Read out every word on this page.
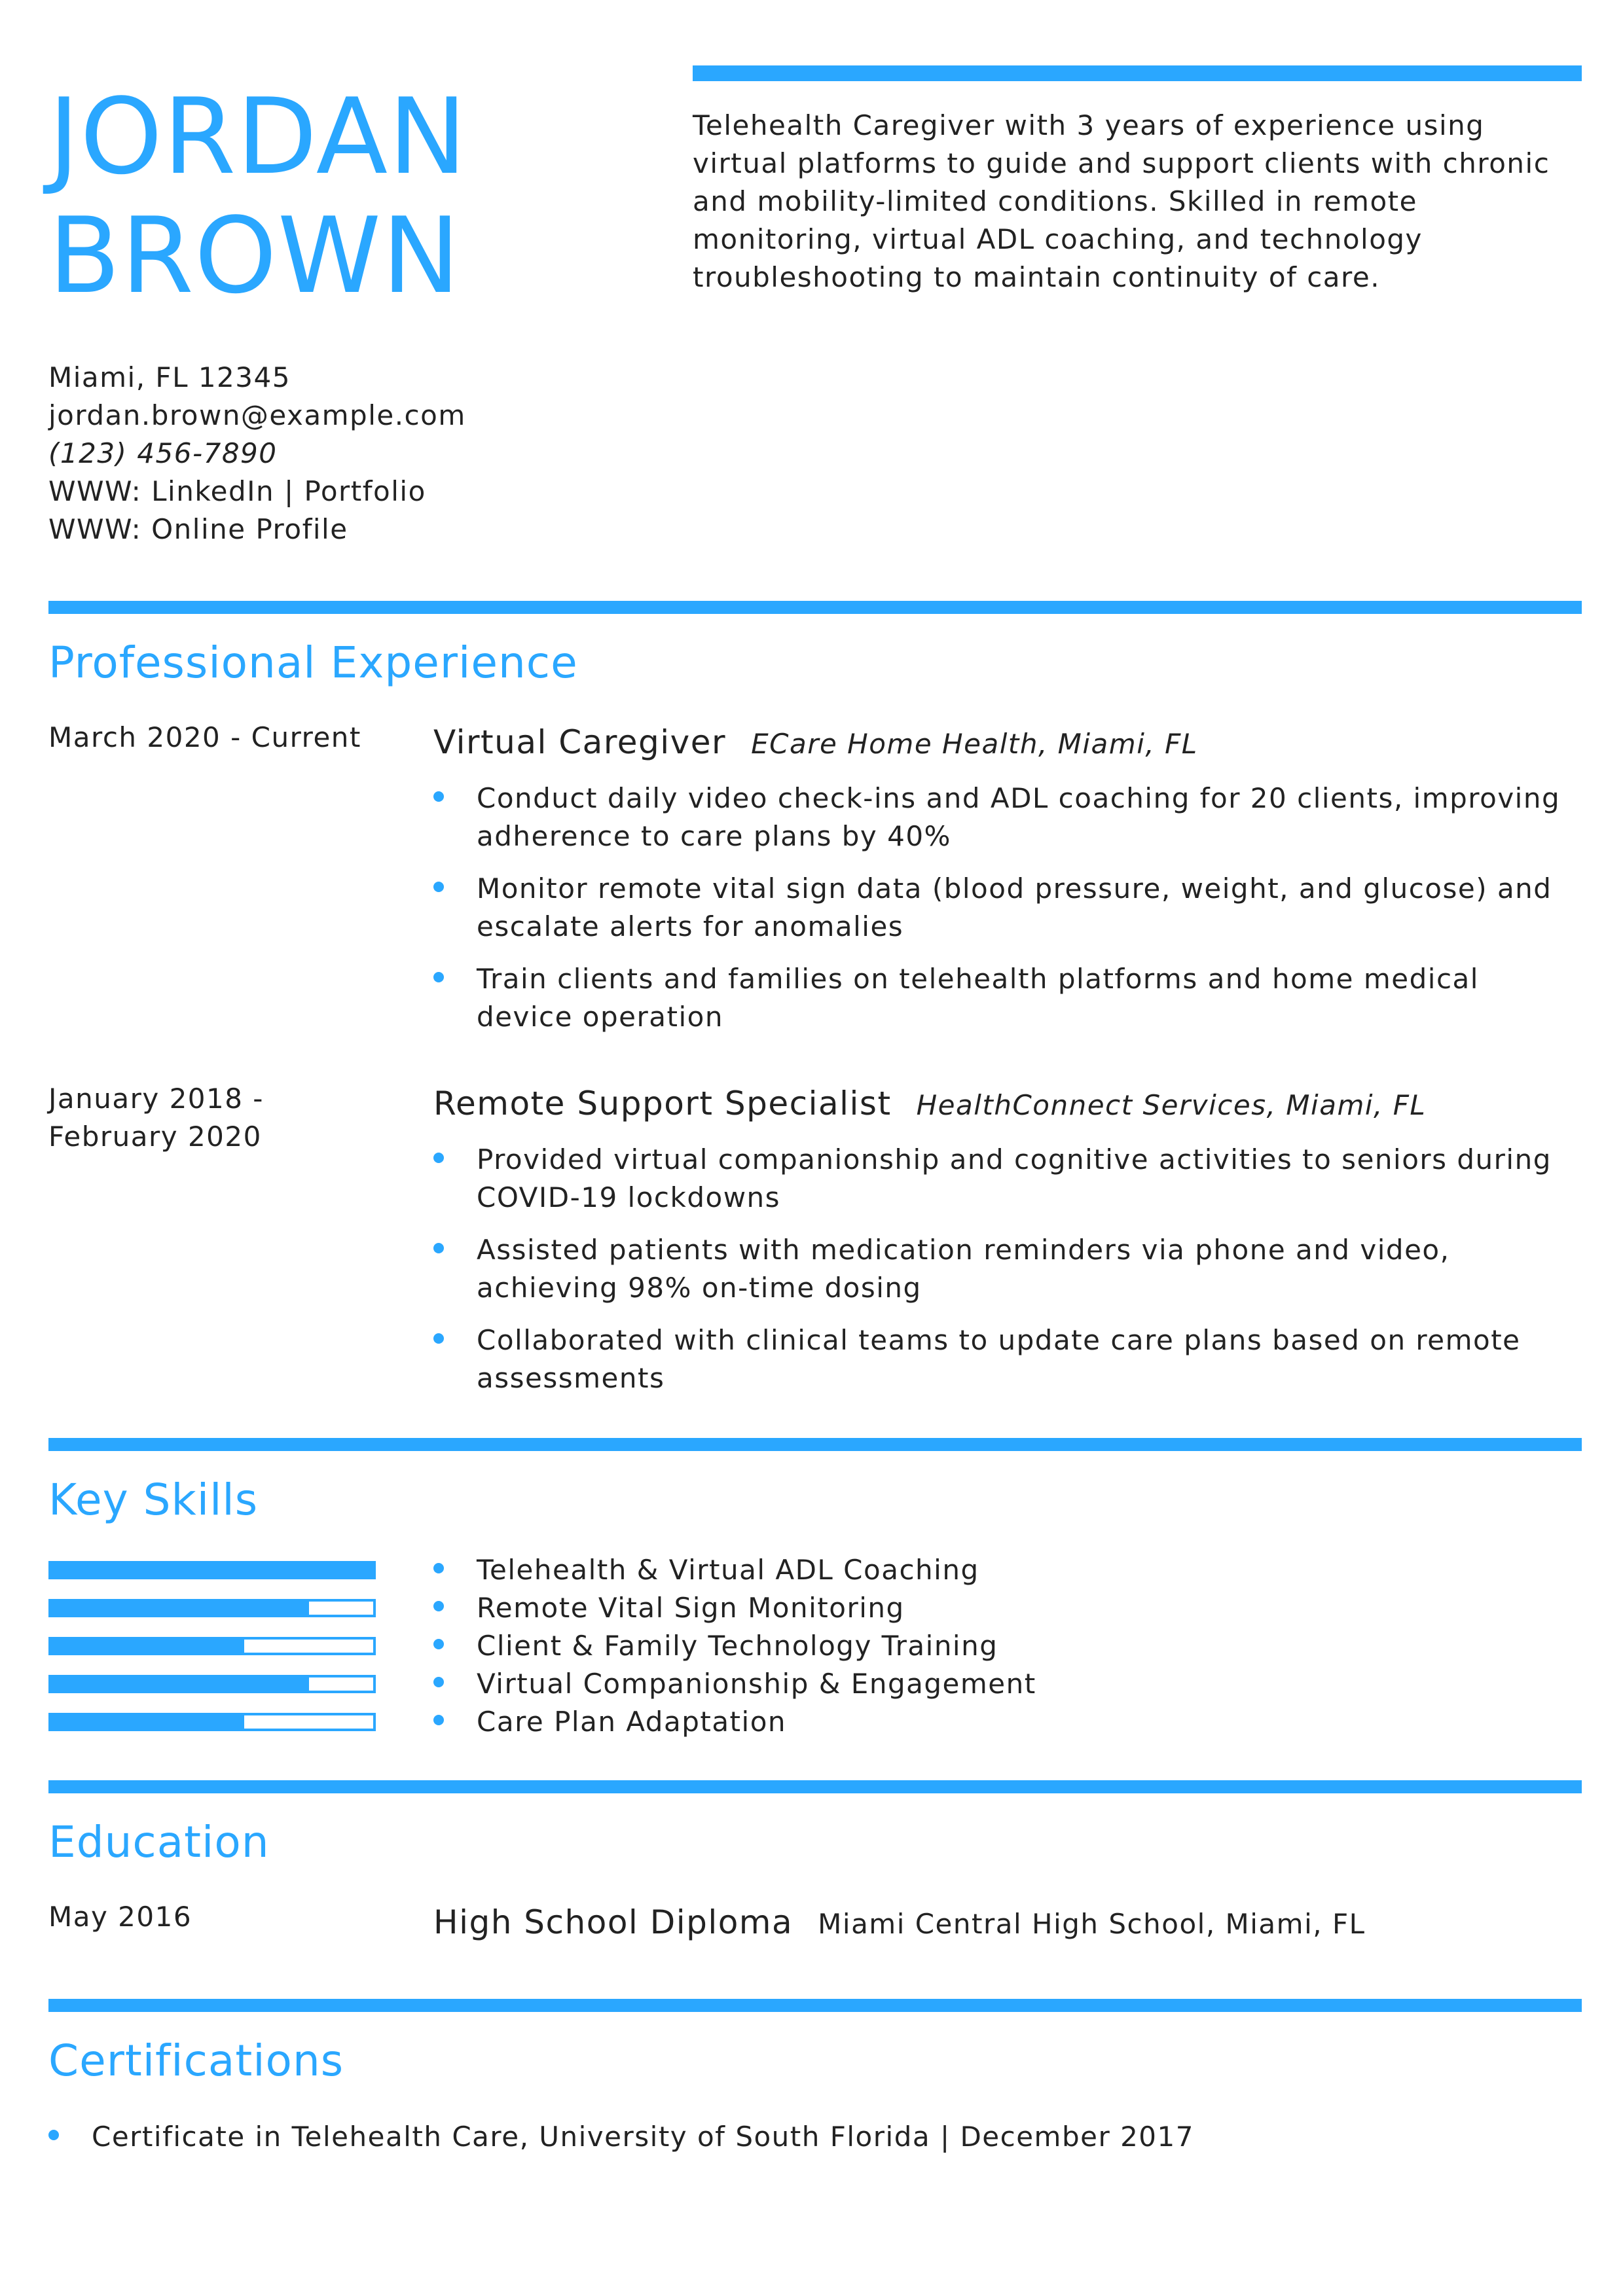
JORDAN
BROWN
Telehealth Caregiver with 3 years of experience using virtual platforms to guide and support clients with chronic and mobility-limited conditions. Skilled in remote monitoring, virtual ADL coaching, and technology troubleshooting to maintain continuity of care.
Miami, FL 12345
jordan.brown@example.com
(123) 456-7890
WWW: LinkedIn | Portfolio
WWW: Online Profile
Professional Experience
March 2020 - Current	Virtual Caregiver ECare Home Health, Miami, FL
Conduct daily video check-ins and ADL coaching for 20 clients, improving adherence to care plans by 40%
Monitor remote vital sign data (blood pressure, weight, and glucose) and escalate alerts for anomalies
Train clients and families on telehealth platforms and home medical device operation
January 2018 - February 2020
Remote Support Specialist HealthConnect Services, Miami, FL
Provided virtual companionship and cognitive activities to seniors during COVID-19 lockdowns
Assisted patients with medication reminders via phone and video, achieving 98% on-time dosing
Collaborated with clinical teams to update care plans based on remote assessments
Key Skills
Telehealth & Virtual ADL Coaching
Remote Vital Sign Monitoring
Client & Family Technology Training
Virtual Companionship & Engagement
Care Plan Adaptation
Education
May 2016	High School Diploma Miami Central High School, Miami, FL
Certifications
Certificate in Telehealth Care, University of South Florida | December 2017
